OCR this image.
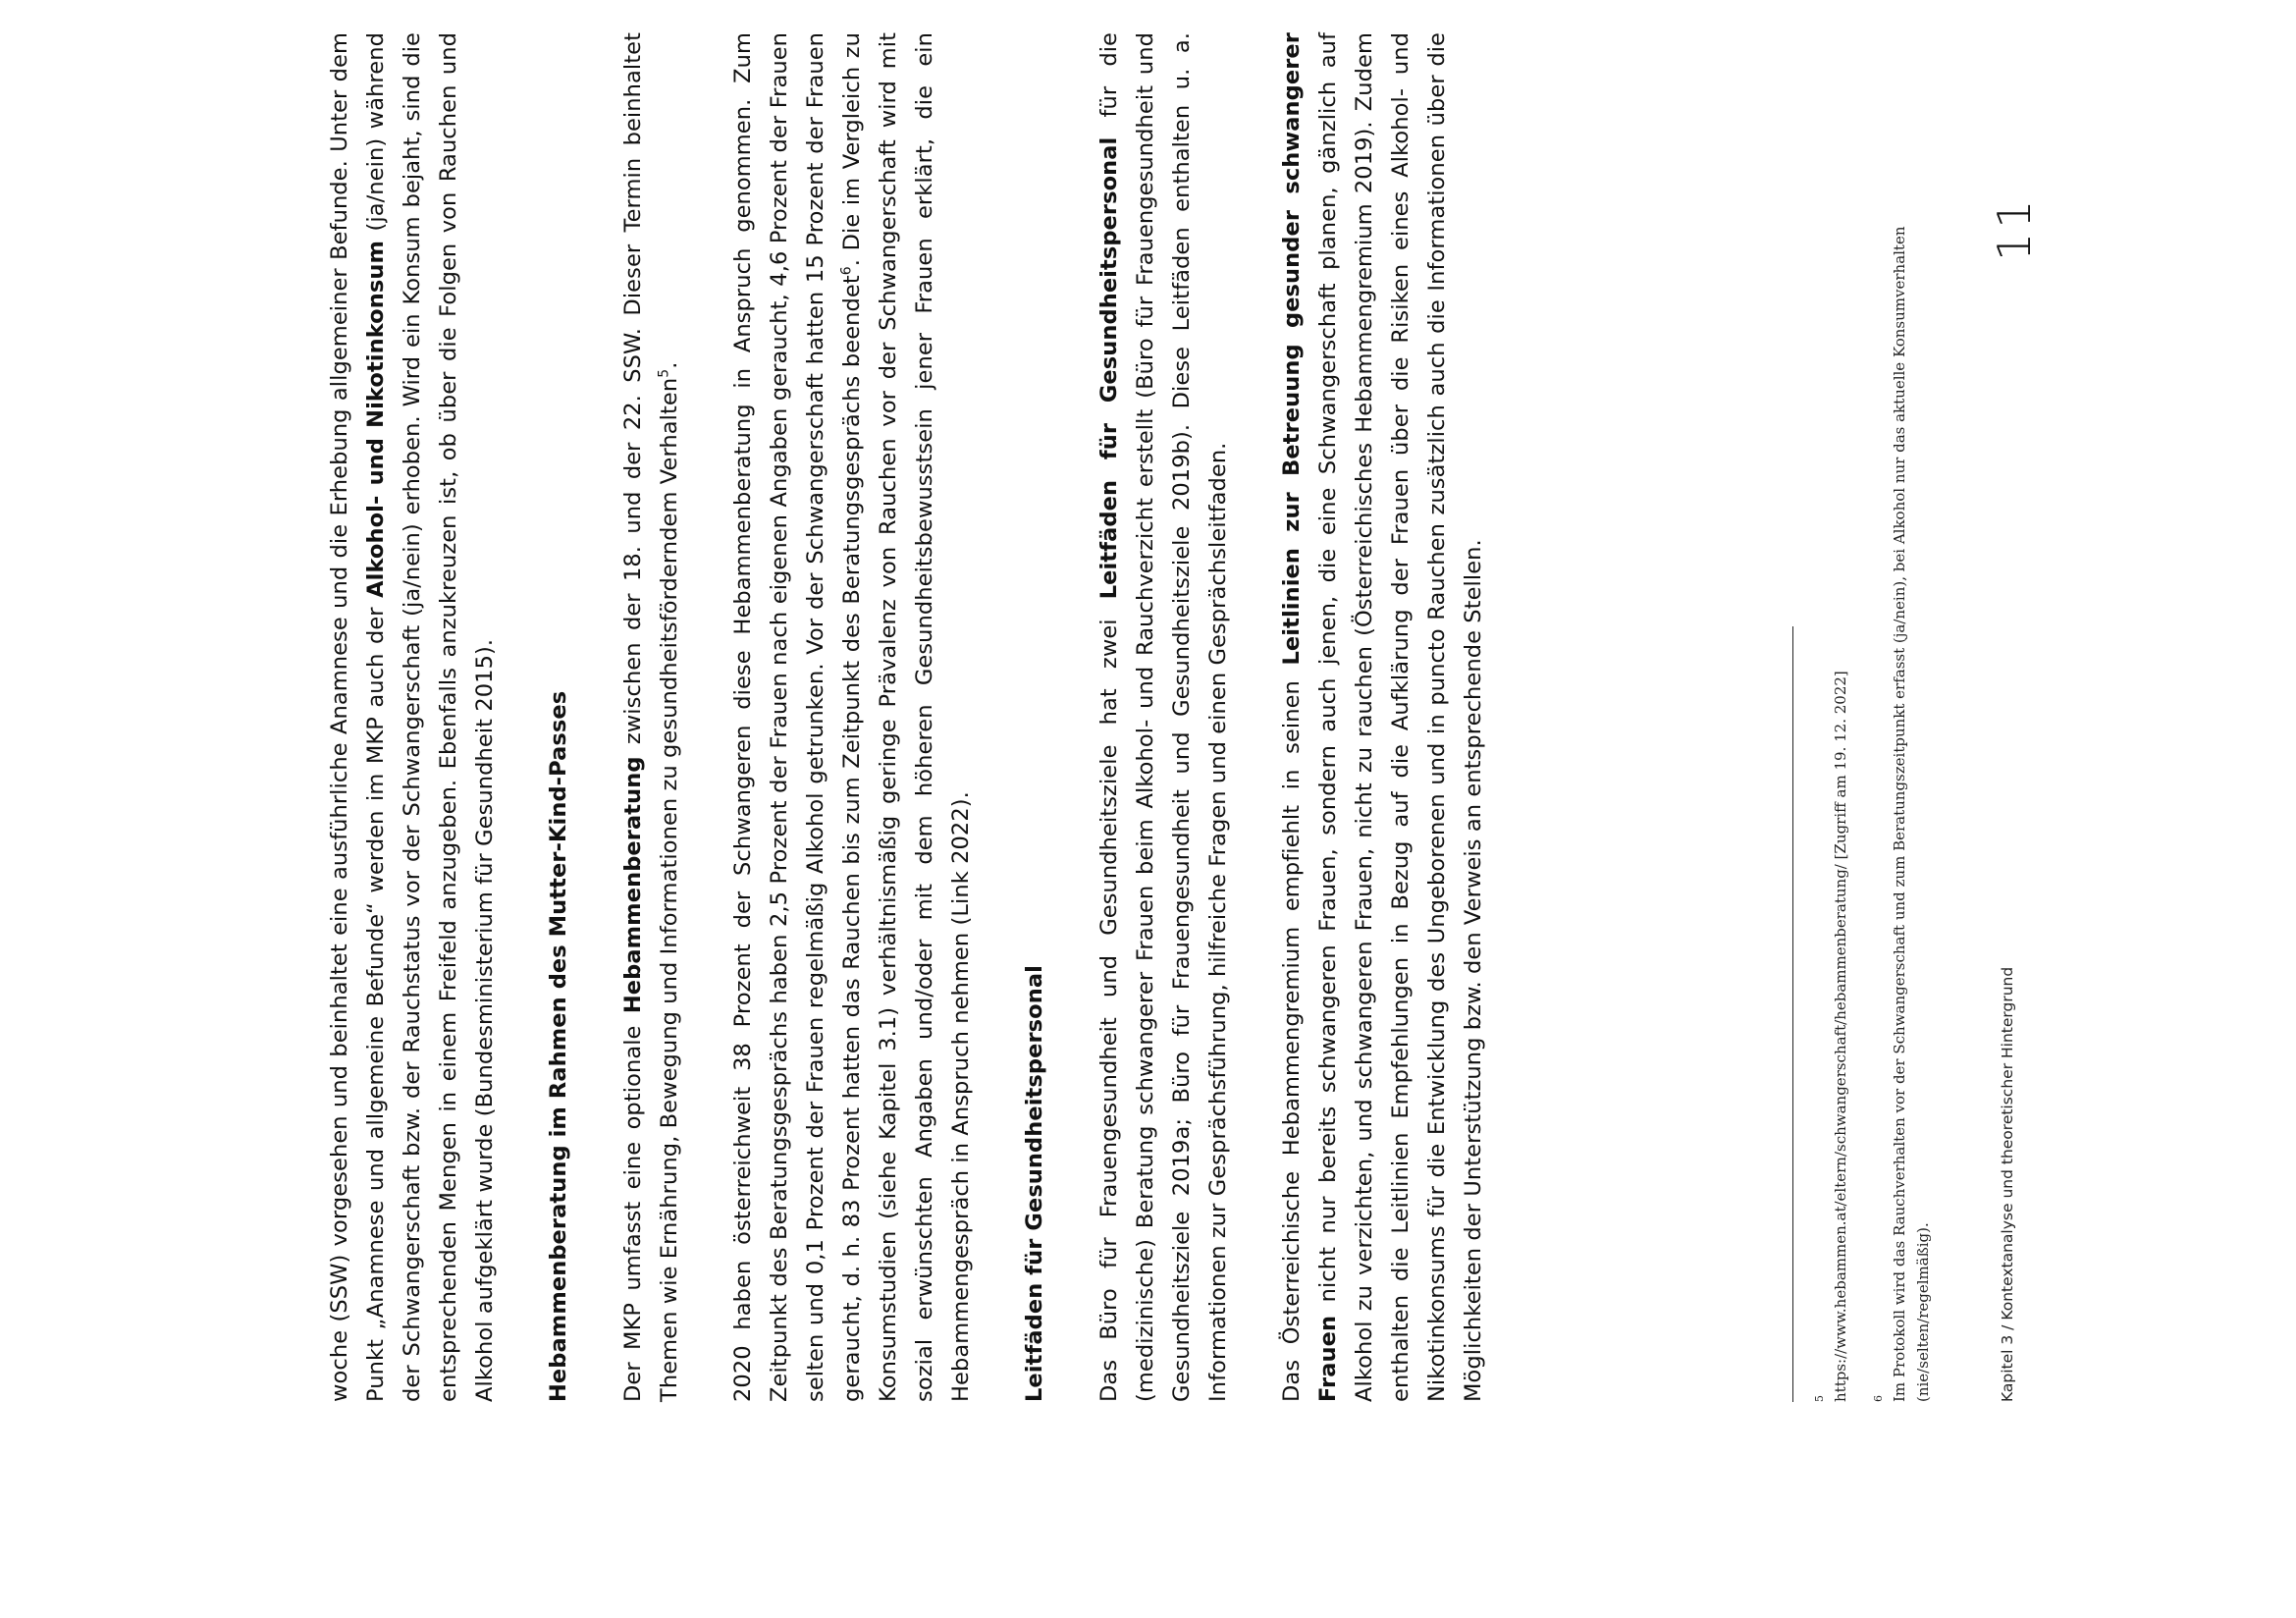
woche (SSW) vorgesehen und beinhaltet eine ausführliche Anamnese und die Erhebung allgemeiner Befunde. Unter dem Punkt „Anamnese und allgemeine Befunde“ werden im MKP auch der Alkohol- und Nikotinkonsum (ja/nein) während der Schwangerschaft bzw. der Rauchstatus vor der Schwangerschaft (ja/nein) erhoben. Wird ein Konsum bejaht, sind die entsprechenden Mengen in einem Freifeld anzugeben. Ebenfalls anzukreuzen ist, ob über die Folgen von Rauchen und Alkohol aufgeklärt wurde (Bundesministerium für Gesundheit 2015). Hebammenberatung im Rahmen des Mutter-Kind-Passes Der MKP umfasst eine optionale Hebammenberatung zwischen der 18. und der 22. SSW. Dieser Termin beinhaltet Themen wie Ernährung, Bewegung und Informationen zu gesundheitsförderndem Verhalten$^5$. 2020 haben österreichweit 38 Prozent der Schwangeren diese Hebammenberatung in Anspruch genommen. Zum Zeitpunkt des Beratungsgesprächs haben 2,5 Prozent der Frauen nach eigenen Angaben geraucht, 4,6 Prozent der Frauen selten und 0,1 Prozent der Frauen regelmäßig Alkohol getrunken. Vor der Schwangerschaft hatten 15 Prozent der Frauen geraucht, d. h. 83 Prozent hatten das Rauchen bis zum Zeitpunkt des Beratungsgesprächs beendet$^6$. Die im Vergleich zu Konsumstudien (siehe Kapitel 3.1) verhältnismäßig geringe Prävalenz von Rauchen vor der Schwangerschaft wird mit sozial erwünschten Angaben und/oder mit dem höheren Gesundheitsbewusstsein jener Frauen erklärt, die ein Hebammengespräch in Anspruch nehmen (Link 2022). Leitfäden für Gesundheitspersonal Das Büro für Frauengesundheit und Gesundheitsziele hat zwei Leitfäden für Gesundheitspersonal für die (medizinische) Beratung schwangerer Frauen beim Alkohol- und Rauchverzicht erstellt (Büro für Frauengesundheit und Gesundheitsziele 2019a; Büro für Frauengesundheit und Gesundheitsziele 2019b). Diese Leitfäden enthalten u. a. Informationen zur Gesprächsführung, hilfreiche Fragen und einen Gesprächsleitfaden. Das Österreichische Hebammengremium empfiehlt in seinen Leitlinien zur Betreuung gesunder schwangerer Frauen nicht nur bereits schwangeren Frauen, sondern auch jenen, die eine Schwangerschaft planen, gänzlich auf Alkohol zu verzichten, und schwangeren Frauen, nicht zu rauchen (Österreichisches Hebammengremium 2019). Zudem enthalten die Leitlinien Empfehlungen in Bezug auf die Aufklärung der Frauen über die Risiken eines Alkohol- und Nikotinkonsums für die Entwicklung des Ungeborenen und in puncto Rauchen zusätzlich auch die Informationen über die Möglichkeiten der Unterstützung bzw. den Verweis an entsprechende Stellen.	5 https://www.hebammen.at/eltern/schwangerschaft/hebammenberatung/ [Zugriff am 19. 12. 2022] 6 Im Protokoll wird das Rauchverhalten vor der Schwangerschaft und zum Beratungszeitpunkt erfasst (ja/nein), bei Alkohol nur das aktuelle Konsumverhalten (nie/selten/regelmäßig).	Kapitel 3 / Kontextanalyse und theoretischer Hintergrund
11
